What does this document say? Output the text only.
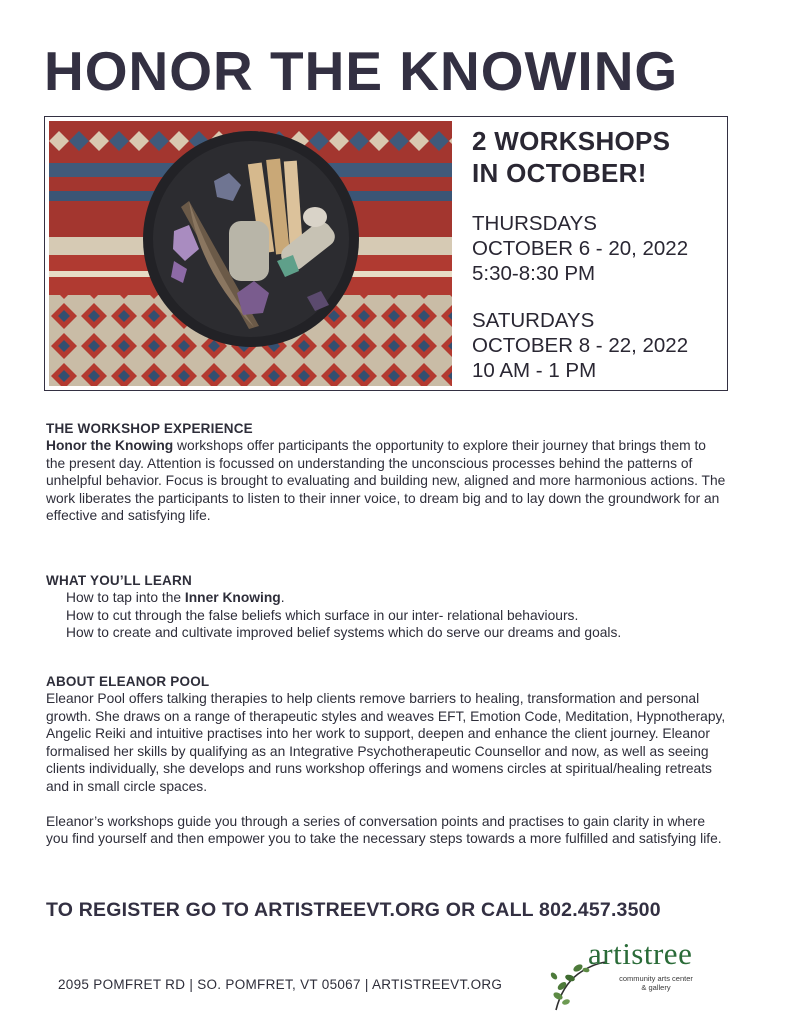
HONOR THE KNOWING
2 WORKSHOPS
IN OCTOBER!
THURSDAYS
OCTOBER 6 - 20, 2022
5:30-8:30 PM
SATURDAYS
OCTOBER 8 - 22, 2022
10 AM - 1 PM
THE WORKSHOP EXPERIENCE

Honor the Knowing workshops offer participants the opportunity to explore their journey that brings them to the present day. Attention is focussed on understanding the unconscious processes behind the patterns of unhelpful behavior. Focus is brought to evaluating and building new, aligned and more harmonious actions. The work liberates the participants to listen to their inner voice, to dream big and to lay down the groundwork for an effective and satisfying life.

WHAT YOU’LL LEARN
How to tap into the Inner Knowing.
How to cut through the false beliefs which surface in our inter- relational behaviours.
How to create and cultivate improved belief systems which do serve our dreams and goals.
ABOUT ELEANOR POOL

Eleanor Pool offers talking therapies to help clients remove barriers to healing, transformation and personal growth. She draws on a range of therapeutic styles and weaves EFT, Emotion Code, Meditation, Hypnotherapy, Angelic Reiki and intuitive practises into her work to support, deepen and enhance the client journey. Eleanor formalised her skills by qualifying as an Integrative Psychotherapeutic Counsellor and now, as well as seeing clients individually, she develops and runs workshop offerings and womens circles at spiritual/healing retreats and in small circle spaces.

Eleanor’s workshops guide you through a series of conversation points and practises to gain clarity in where you find yourself and then empower you to take the necessary steps towards a more fulfilled and satisfying life.

TO REGISTER GO TO ARTISTREEVT.ORG OR CALL 802.457.3500
2095 POMFRET RD | SO. POMFRET, VT 05067 | ARTISTREEVT.ORG
artistree
community arts center
& gallery
